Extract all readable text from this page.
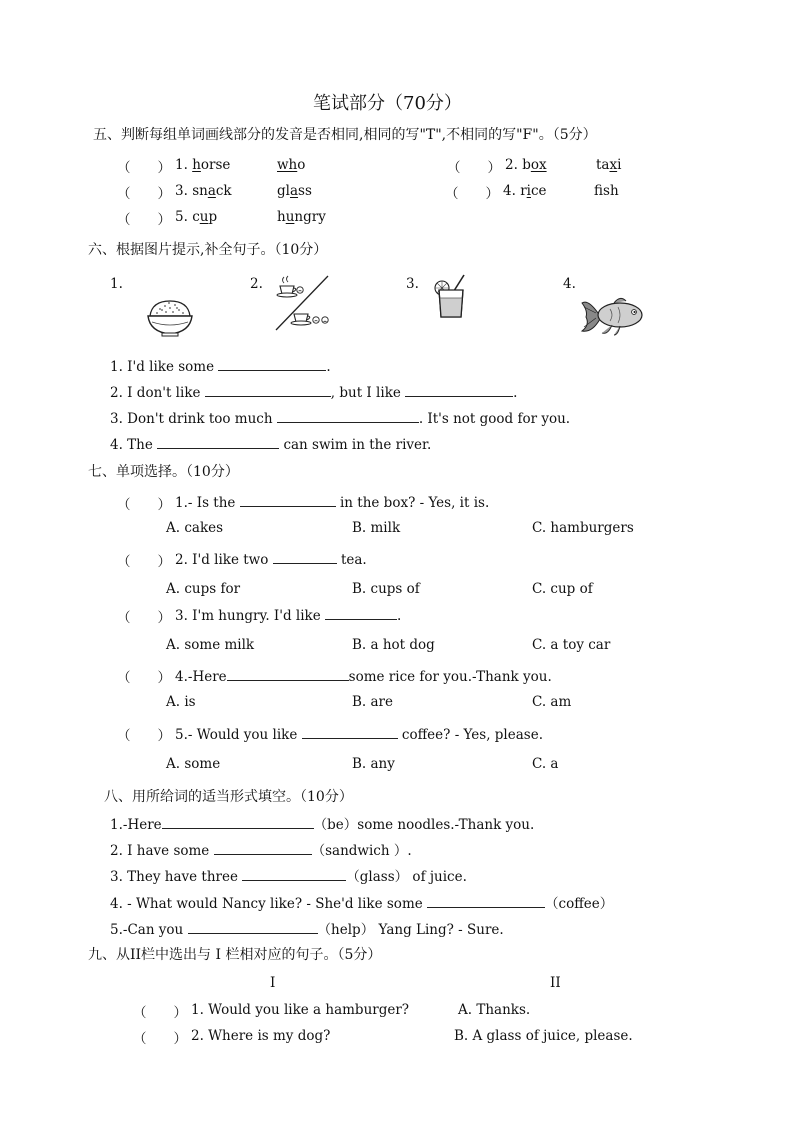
笔试部分（70分）
五、判断每组单词画线部分的发音是否相同,相同的写"T",不相同的写"F"。（5分）
（　　） 1. horse	who	（　　） 2. box	taxi
（　　） 3. snack	glass	（　　） 4. rice	fsh
（　　） 5. cup	hungry
六、根据图片提示,补全句子。（10分）
1.	2.	3.	4.
1. I'd like some	.
2. I don't like	, but I like	.
3. Don't drink too much	. It's not good for you.
4. The	can swim in the river.
七、单项选择。（10分）
（　　） 1.- Is the	in the box? - Yes, it is.
A. cakes	B. milk	C. hamburgers
（　　） 2. I'd like two	tea.
A. cups for	B. cups of	C. cup of
（　　） 3. I'm hungry. I'd like	.
A. some milk	B. a hot dog	C. a toy car
（　　） 4.-Here	some rice for you.-Thank you.
A. is	B. are	C. am
（　　） 5.- Would you like	coffee? - Yes, please.
A. some	B. any	C. a
八、用所给词的适当形式填空。（10分）
1.-Here	（be）some noodles.-Thank you.
2. I have some	（sandwich ）.
3. They have three	（glass） of juice.
4. - What would Nancy like? - She'd like some	（coffee）
5.-Can you	（help） Yang Ling? - Sure.
九、从II栏中选出与 I 栏相对应的句子。（5分）
I	II
（　　） 1. Would you like a hamburger?	A. Thanks.
（　　） 2. Where is my dog?	B. A glass of juice, please.
